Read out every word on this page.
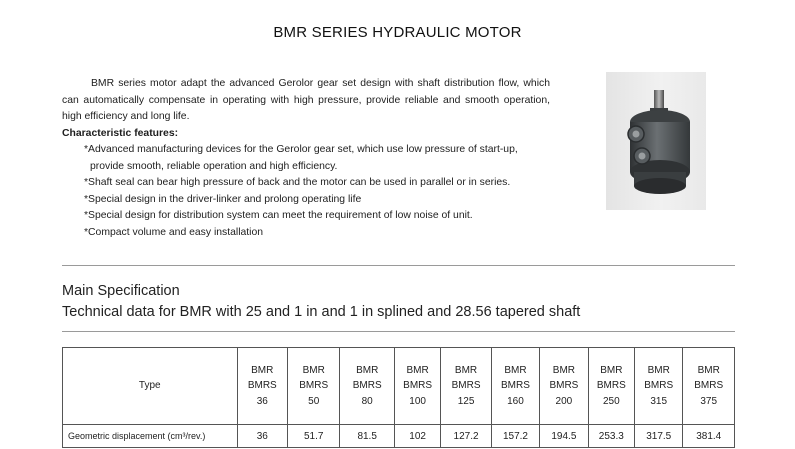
BMR SERIES HYDRAULIC MOTOR

BMR series motor adapt the advanced Gerolor gear set design with shaft distribution flow, which can automatically compensate in operating with high pressure, provide reliable and smooth operation, high efficiency and long life.

Characteristic features:

*Advanced manufacturing devices for the Gerolor gear set, which use low pressure of start-up,
provide smooth, reliable operation and high efficiency.
*Shaft seal can bear high pressure of back and the motor can be used in parallel or in series.
*Special design in the driver-linker and prolong operating life
*Special design for distribution system can meet the requirement of low noise of unit.
*Compact volume and easy installation
Main Specification
Technical data for BMR with 25 and 1 in and 1 in splined and 28.56 tapered shaft
Type	BMR
BMRS
36	BMR
BMRS
50	BMR
BMRS
80	BMR
BMRS
100	BMR
BMRS
125	BMR
BMRS
160	BMR
BMRS
200	BMR
BMRS
250	BMR
BMRS
315	BMR
BMRS
375
Geometric displacement (cm³/rev.)	36	51.7	81.5	102	127.2	157.2	194.5	253.3	317.5	381.4
